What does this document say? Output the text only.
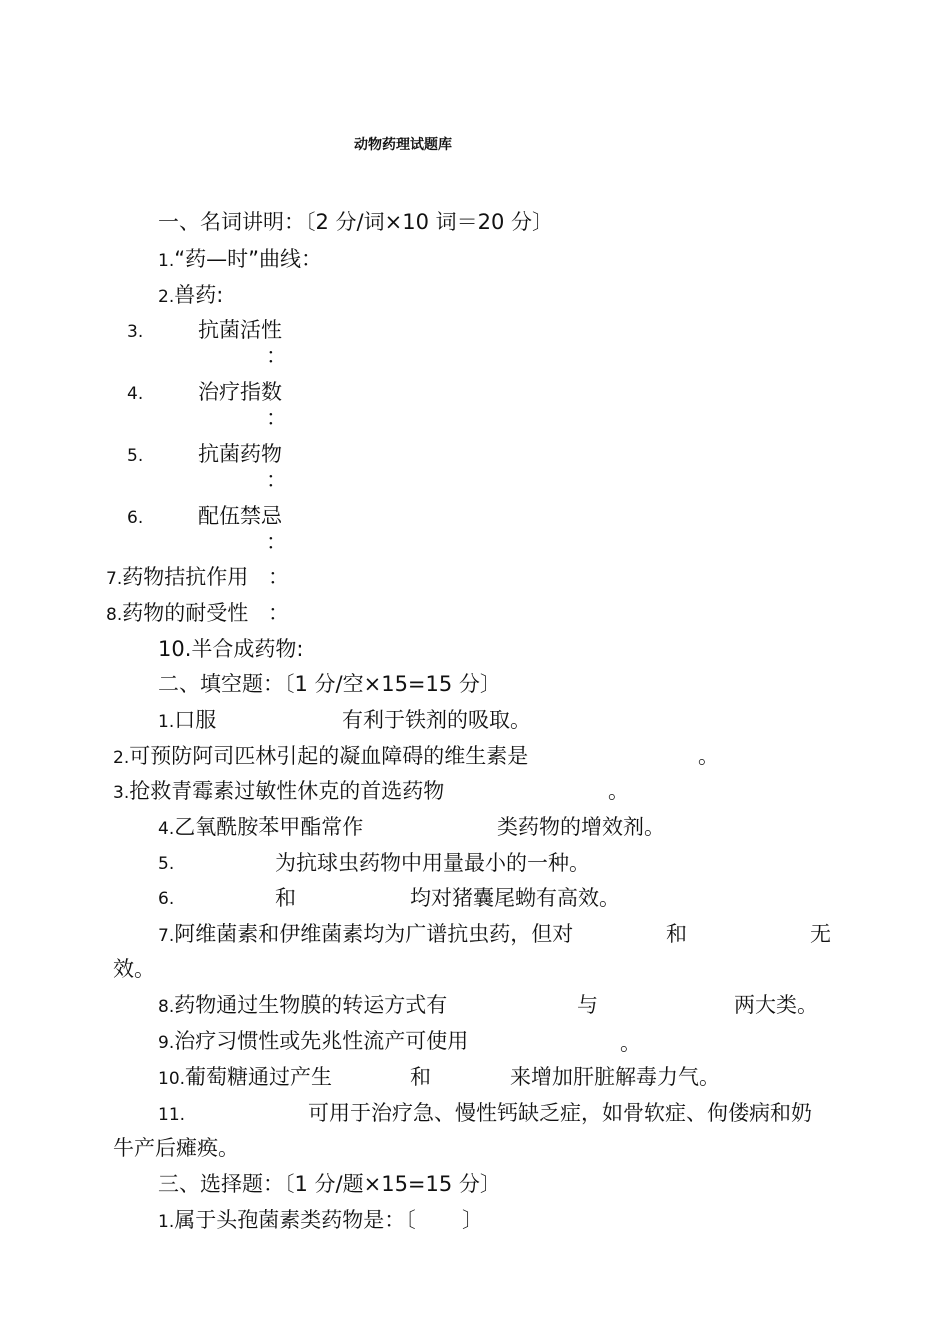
动物药理试题库
一、名词讲明：〔2 分/词×10 词＝20 分〕
1.“药—时”曲线：
2.兽药:
3.	抗菌活性
：
4.	治疗指数
：
5.	抗菌药物
：
6.	配伍禁忌
：
7.药物拮抗作用 ：
8.药物的耐受性 ：
10.半合成药物:
二、填空题：〔1 分/空×15=15 分〕
1.口服	有利于铁剂的吸取。
2.可预防阿司匹林引起的凝血障碍的维生素是	。
3.抢救青霉素过敏性休克的首选药物	。
4.乙氧酰胺苯甲酯常作	类药物的增效剂。
5.	为抗球虫药物中用量最小的一种。
6.	和	均对猪囊尾蚴有高效。
7.阿维菌素和伊维菌素均为广谱抗虫药，但对	和	无
效。
8.药物通过生物膜的转运方式有	与	两大类。
9.治疗习惯性或先兆性流产可使用	。
10.葡萄糖通过产生	和	来增加肝脏解毒力气。
11.	可用于治疗急、慢性钙缺乏症，如骨软症、佝偻病和奶
牛产后瘫痪。
三、选择题：〔1 分/题×15=15 分〕
1.属于头孢菌素类药物是：〔 〕
